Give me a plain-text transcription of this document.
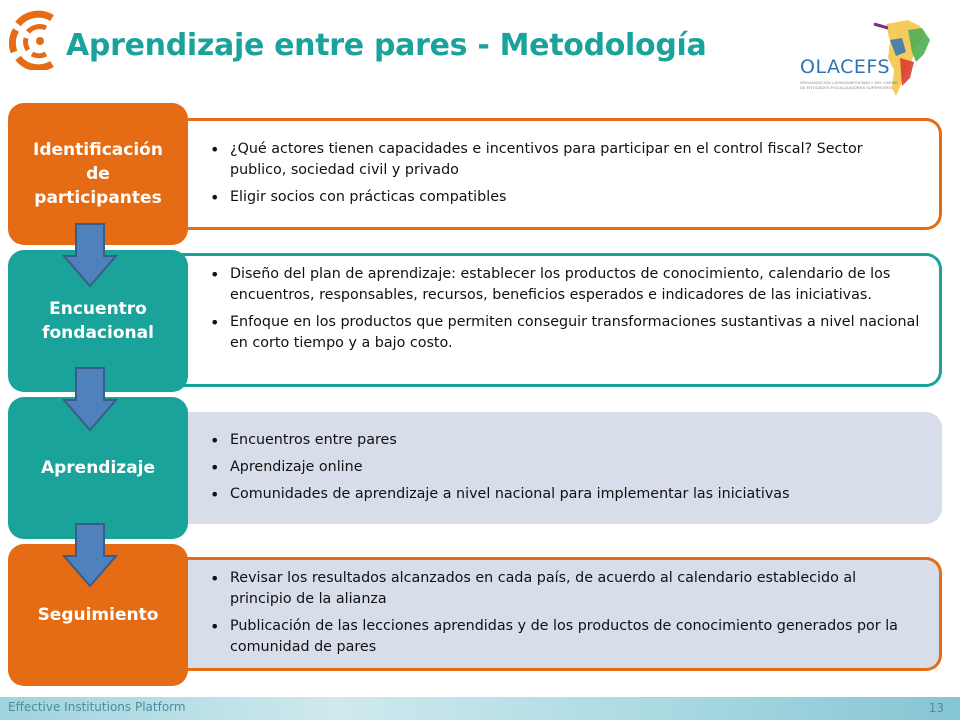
Aprendizaje entre pares - Metodología
OLACEFS
ORGANIZACIÓN LATINOAMERICANA Y DEL CARIBE DE ENTIDADES FISCALIZADORAS SUPERIORES
• ¿Qué actores tienen capacidades e incentivos para participar en el control fiscal? Sector publico, sociedad civil y privado
• Eligir socios con prácticas compatibles
Identificación
de
participantes
• Diseño del plan de aprendizaje: establecer los productos de conocimiento, calendario de los encuentros, responsables, recursos, beneficios esperados e indicadores de las iniciativas.
• Enfoque en los productos que permiten conseguir transformaciones sustantivas a nivel nacional en corto tiempo y a bajo costo.
Encuentro
fondacional
• Encuentros entre pares
• Aprendizaje online
• Comunidades de aprendizaje a nivel nacional para implementar las iniciativas
Aprendizaje
• Revisar los resultados alcanzados en cada país, de acuerdo al calendario establecido al principio de la alianza
• Publicación de las lecciones aprendidas y de los productos de conocimiento generados por la comunidad de pares
Seguimiento
Effective Institutions Platform	13
